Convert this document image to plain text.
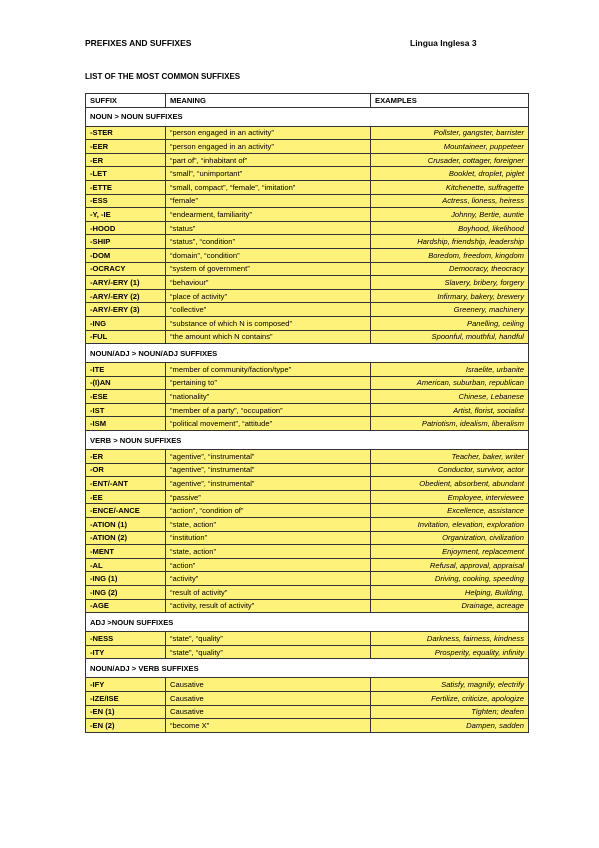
PREFIXES AND SUFFIXES	Lingua Inglesa 3
LIST OF THE MOST COMMON SUFFIXES
SUFFIX	MEANING	EXAMPLES
NOUN > NOUN SUFFIXES		
-STER	“person engaged in an activity”	Pollster, gangster, barrister
-EER	“person engaged in an activity”	Mountaineer, puppeteer
-ER	“part of”, “inhabitant of”	Crusader, cottager, foreigner
-LET	“small”, “unimportant”	Booklet, droplet, piglet
-ETTE	“small, compact”, “female”, “imitation”	Kitchenette, suffragette
-ESS	“female”	Actress, lioness, heiress
-Y, -IE	“endearment, familiarity”	Johnny, Bertie, auntie
-HOOD	“status”	Boyhood, likelihood
-SHIP	“status”, “condition”	Hardship, friendship, leadership
-DOM	“domain”, “condition”	Boredom, freedom, kingdom
-OCRACY	“system of government”	Democracy, theocracy
-ARY/-ERY (1)	“behaviour”	Slavery, bribery, forgery
-ARY/-ERY (2)	“place of activity”	Infirmary, bakery, brewery
-ARY/-ERY (3)	“collective”	Greenery, machinery
-ING	“substance of which N is composed”	Panelling, ceiling
-FUL	“the amount which N contains”	Spoonful, mouthful, handful
NOUN/ADJ > NOUN/ADJ SUFFIXES		
-ITE	“member of community/faction/type”	Israelite, urbanite
-(I)AN	“pertaining to”	American, suburban, republican
-ESE	“nationality”	Chinese, Lebanese
-IST	“member of a party”, “occupation”	Artist, florist, socialist
-ISM	“political movement”, “attitude”	Patriotism, idealism, liberalism
VERB > NOUN SUFFIXES		
-ER	“agentive”, “instrumental”	Teacher, baker, writer
-OR	“agentive”, “instrumental”	Conductor, survivor, actor
-ENT/-ANT	“agentive”, “instrumental”	Obedient, absorbent, abundant
-EE	“passive”	Employee, interviewee
-ENCE/-ANCE	“action”, “condition of”	Excellence, assistance
-ATION (1)	“state, action”	Invitation, elevation, exploration
-ATION (2)	“institution”	Organization, civilization
-MENT	“state, action”	Enjoyment, replacement
-AL	“action”	Refusal, approval, appraisal
-ING (1)	“activity”	Driving, cooking, speeding
-ING (2)	“result of activity”	Helping, Building,
-AGE	“activity, result of activity”	Drainage, acreage
ADJ >NOUN SUFFIXES		
-NESS	“state”, “quality”	Darkness, fairness, kindness
-ITY	“state”, “quality”	Prosperity, equality, infinity
NOUN/ADJ > VERB SUFFIXES		
-IFY	Causative	Satisfy, magnify, electrify
-IZE/ISE	Causative	Fertilize, criticize, apologize
-EN (1)	Causative	Tighten; deafen
-EN (2)	“become X”	Dampen, sadden
